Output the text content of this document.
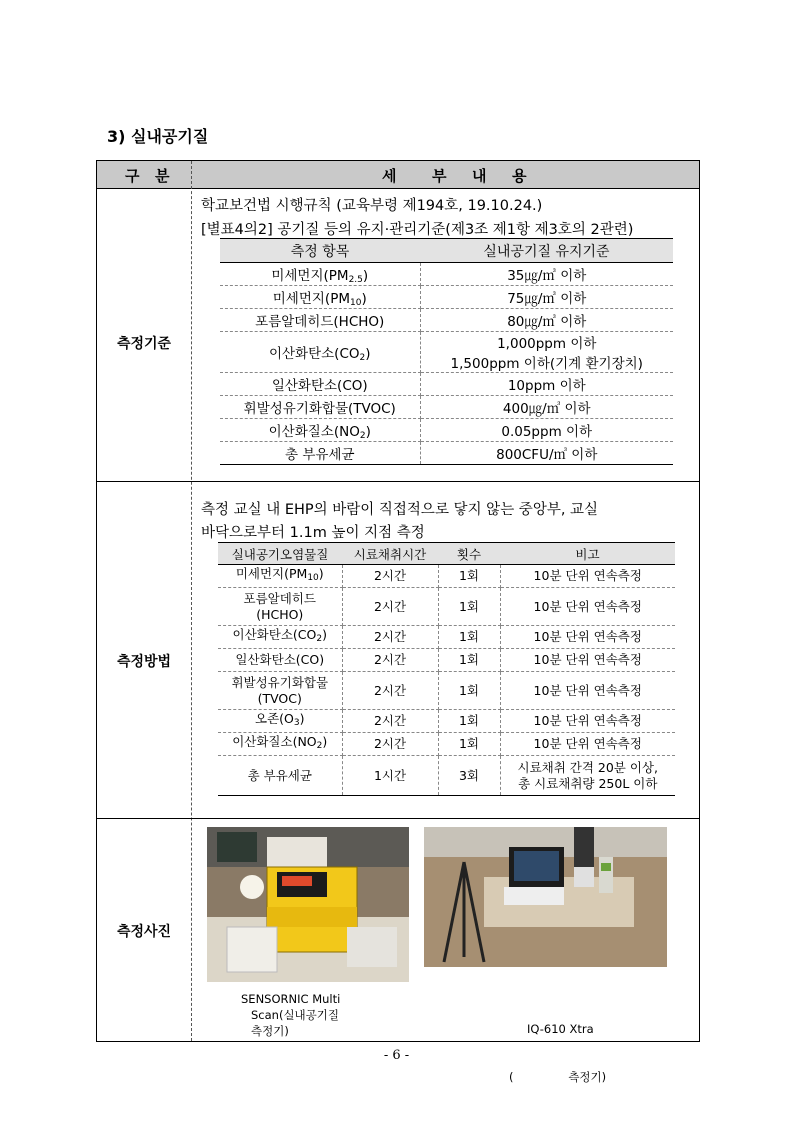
3) 실내공기질
구 분	세 부 내 용
측정기준
학교보건법 시행규칙 (교육부령 제194호, 19.10.24.)
[별표4의2] 공기질 등의 유지·관리기준(제3조 제1항 제3호의 2관련)
측정 항목	실내공기질 유지기준
미세먼지$(PM_{2.5})$	35㎍/㎥ 이하

미세먼지$(PM_{10})$	75㎍/㎥ 이하

포름알데히드(HCHO)	80㎍/㎥ 이하

이산화탄소$(CO_2)$	1,000ppm 이하
1,500ppm 이하(기계 환기장치)

일산화탄소(CO)	10ppm 이하

휘발성유기화합물(TVOC)	400㎍/㎥ 이하

이산화질소$(NO_2)$	0.05ppm 이하

총 부유세균	800CFU/㎥ 이하
측정방법
측정 교실 내 EHP의 바람이 직접적으로 닿지 않는 중앙부, 교실
바닥으로부터 1.1m 높이 지점 측정
실내공기오염물질	시료채취시간	횟수	비고
미세먼지$(PM_{10})$	2시간	1회	10분 단위 연속측정

포름알데히드
(HCHO)	2시간	1회	10분 단위 연속측정

이산화탄소$(CO_2)$	2시간	1회	10분 단위 연속측정

일산화탄소(CO)	2시간	1회	10분 단위 연속측정

휘발성유기화합물
(TVOC)	2시간	1회	10분 단위 연속측정

오존$(O_3)$	2시간	1회	10분 단위 연속측정

이산화질소$(NO_2)$	2시간	1회	10분 단위 연속측정

총 부유세균	1시간	3회	시료채취 간격 20분 이상,
총 시료채취량 250L 이하
측정사진
SENSORNIC Multi
Scan(실내공기질
측정기)

	IQ-610 Xtra

(               측정기)

- 6 -
